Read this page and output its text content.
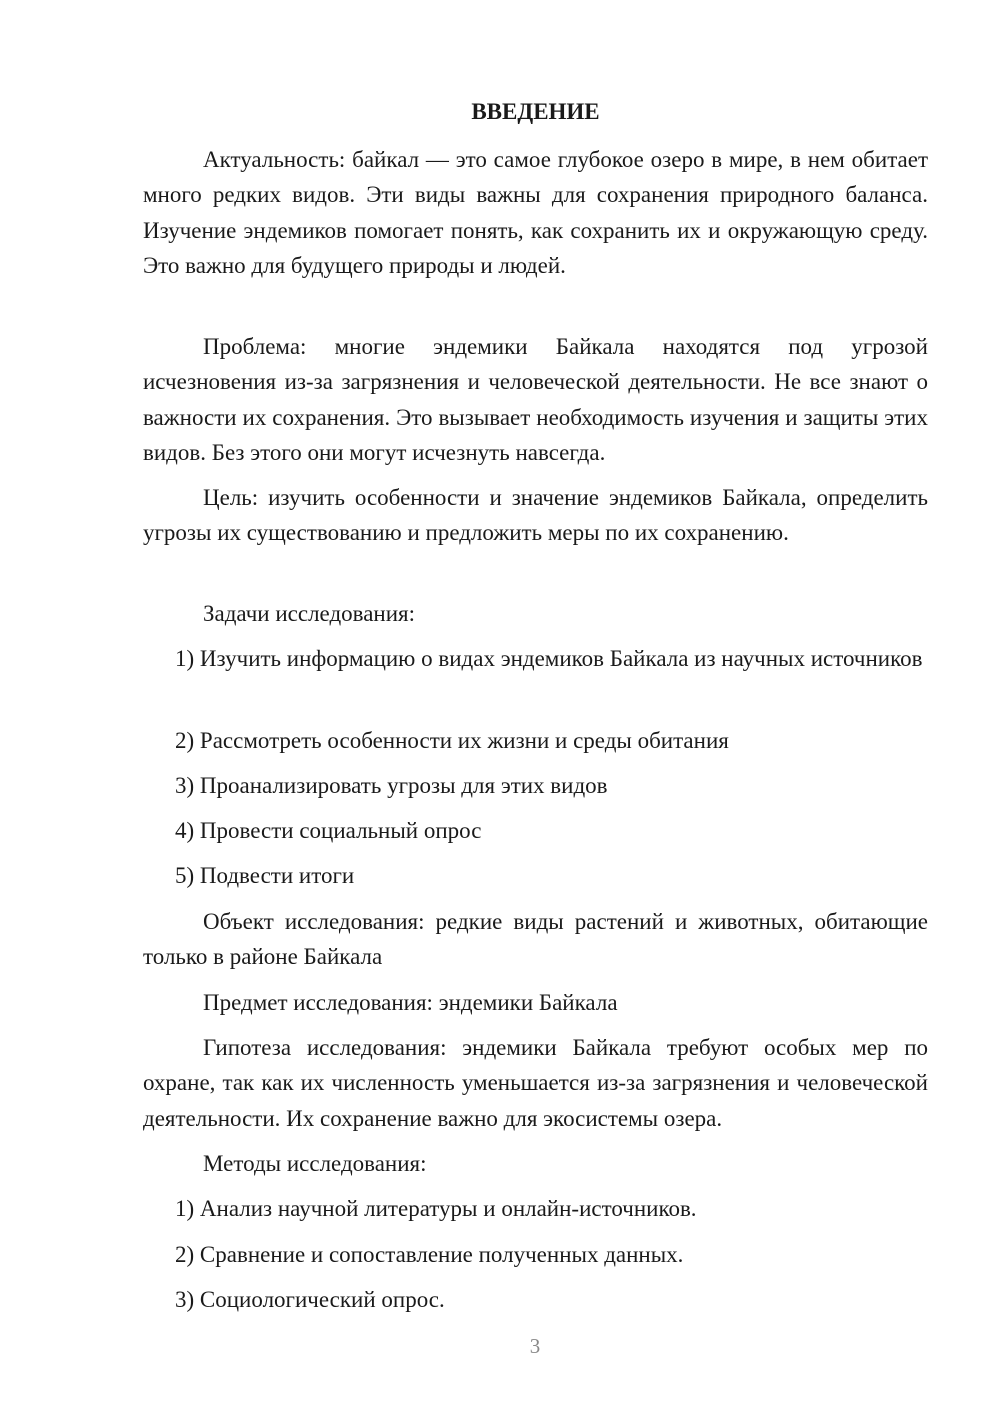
ВВЕДЕНИЕ
Актуальность: байкал — это самое глубокое озеро в мире, в нем обитает много редких видов. Эти виды важны для сохранения природного баланса. Изучение эндемиков помогает понять, как сохранить их и окружающую среду. Это важно для будущего природы и людей.
Проблема: многие эндемики Байкала находятся под угрозой исчезновения из-за загрязнения и человеческой деятельности. Не все знают о важности их сохранения. Это вызывает необходимость изучения и защиты этих видов. Без этого они могут исчезнуть навсегда.
Цель: изучить особенности и значение эндемиков Байкала, определить угрозы их существованию и предложить меры по их сохранению.
Задачи исследования:
1) Изучить информацию о видах эндемиков Байкала из научных источников
2) Рассмотреть особенности их жизни и среды обитания
3) Проанализировать угрозы для этих видов
4) Провести социальный опрос
5) Подвести итоги
Объект исследования: редкие виды растений и животных, обитающие только в районе Байкала
Предмет исследования: эндемики Байкала
Гипотеза исследования: эндемики Байкала требуют особых мер по охране, так как их численность уменьшается из-за загрязнения и человеческой деятельности. Их сохранение важно для экосистемы озера.
Методы исследования:
1) Анализ научной литературы и онлайн-источников.
2) Сравнение и сопоставление полученных данных.
3) Социологический опрос.
3
